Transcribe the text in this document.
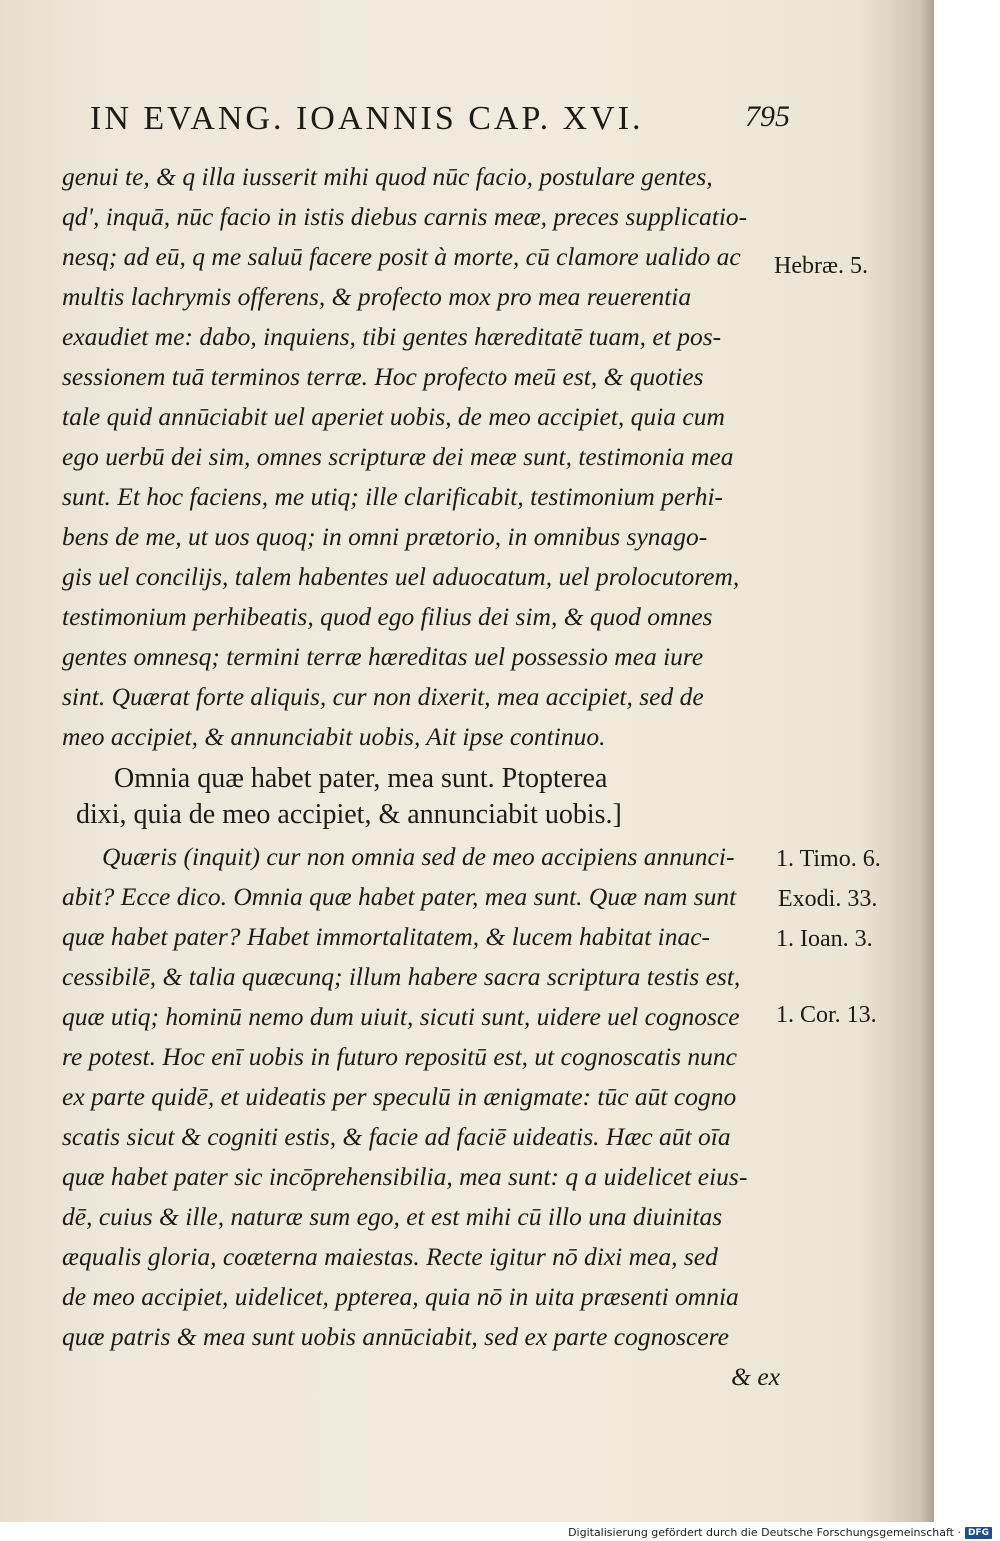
IN EVANG. IOANNIS CAP. XVI.	795
genui te, & q illa iusserit mihi quod nūc facio, postulare gentes,
qd', inquā, nūc facio in istis diebus carnis meæ, preces supplicatio-
nesq; ad eū, q me saluū facere posit à morte, cū clamore ualido ac
multis lachrymis offerens, & profecto mox pro mea reuerentia
exaudiet me: dabo, inquiens, tibi gentes hæreditatē tuam, et pos-
sessionem tuā terminos terræ. Hoc profecto meū est, & quoties
tale quid annūciabit uel aperiet uobis, de meo accipiet, quia cum
ego uerbū dei sim, omnes scripturæ dei meæ sunt, testimonia mea
sunt. Et hoc faciens, me utiq; ille clarificabit, testimonium perhi-
bens de me, ut uos quoq; in omni prætorio, in omnibus synago-
gis uel concilijs, talem habentes uel aduocatum, uel prolocutorem,
testimonium perhibeatis, quod ego filius dei sim, & quod omnes
gentes omnesq; termini terræ hæreditas uel possessio mea iure
sint. Quærat forte aliquis, cur non dixerit, mea accipiet, sed de
meo accipiet, & annunciabit uobis, Ait ipse continuo.
Omnia quæ habet pater, mea sunt. Ptopterea
dixi, quia de meo accipiet, & annunciabit uobis.]
Quæris (inquit) cur non omnia sed de meo accipiens annunci-
abit? Ecce dico. Omnia quæ habet pater, mea sunt. Quæ nam sunt
quæ habet pater? Habet immortalitatem, & lucem habitat inac-
cessibilē, & talia quæcunq; illum habere sacra scriptura testis est,
quæ utiq; hominū nemo dum uiuit, sicuti sunt, uidere uel cognosce
re potest. Hoc enī uobis in futuro repositū est, ut cognoscatis nunc
ex parte quidē, et uideatis per speculū in ænigmate: tūc aūt cogno
scatis sicut & cogniti estis, & facie ad faciē uideatis. Hæc aūt oīa
quæ habet pater sic incōprehensibilia, mea sunt: q a uidelicet eius-
dē, cuius & ille, naturæ sum ego, et est mihi cū illo una diuinitas
æqualis gloria, coæterna maiestas. Recte igitur nō dixi mea, sed
de meo accipiet, uidelicet, ppterea, quia nō in uita præsenti omnia
quæ patris & mea sunt uobis annūciabit, sed ex parte cognoscere
& ex
Hebræ. 5.
1. Timo. 6.
Exodi. 33.
1. Ioan. 3.
1. Cor. 13.
Digitalisierung gefördert durch die Deutsche Forschungsgemeinschaft · DFG
